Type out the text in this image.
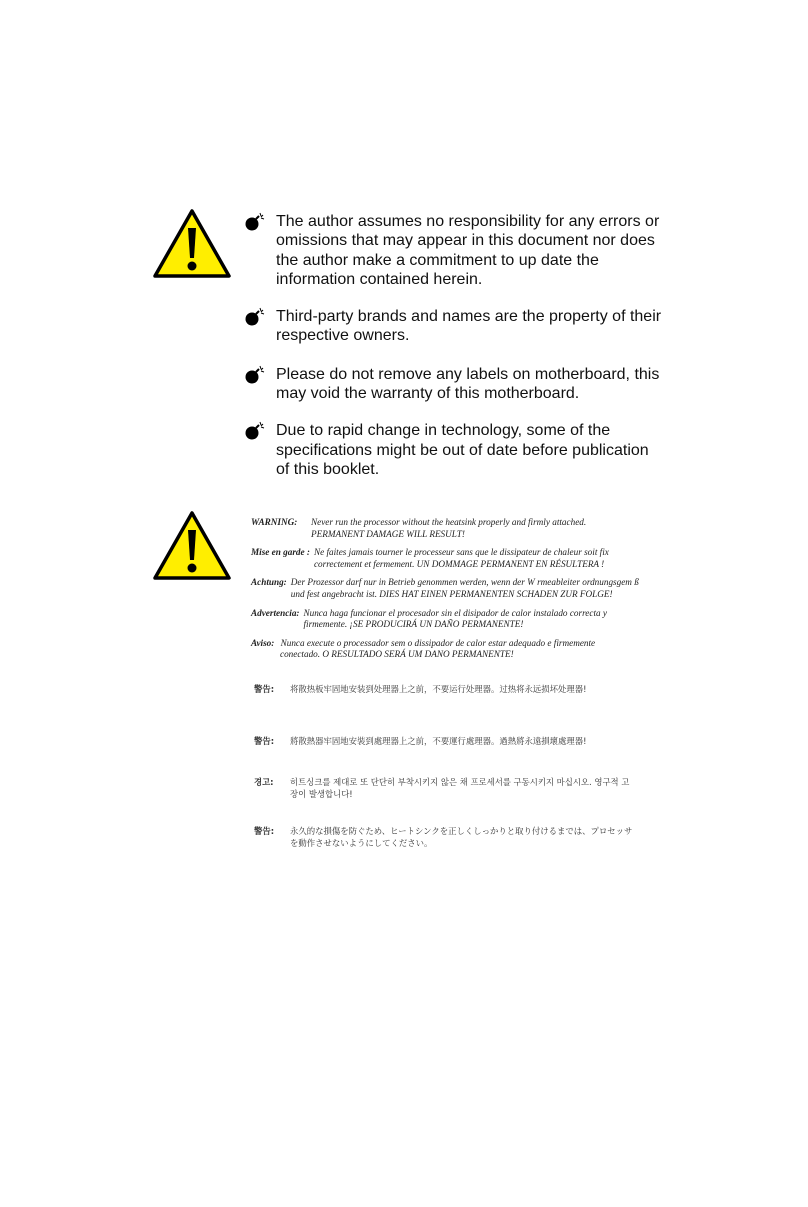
The author assumes no responsibility for any errors or omissions that may appear in this document nor does the author make a commitment to up date the information contained herein.
Third-party brands and names are the property of their respective owners.
Please do not remove any labels on motherboard, this may void the warranty of this motherboard.
Due to rapid change in technology, some of the specifications might be out of date before publication of this booklet.
WARNING:	Never run the processor without the heatsink properly and firmly attached. PERMANENT DAMAGE WILL RESULT!
Mise en garde : Ne faites jamais tourner le processeur sans que le dissipateur de chaleur soit fix correctement et fermement. UN DOMMAGE PERMANENT EN RÉSULTERA !
Achtung: Der Prozessor darf nur in Betrieb genommen werden, wenn der W rmeableiter ordnungsgem ß und fest angebracht ist. DIES HAT EINEN PERMANENTEN SCHADEN ZUR FOLGE!
Advertencia: Nunca haga funcionar el procesador sin el disipador de calor instalado correcta y firmemente. ¡SE PRODUCIRÁ UN DAÑO PERMANENTE!
Aviso: Nunca execute o processador sem o dissipador de calor estar adequado e firmemente
conectado. O RESULTADO SERÁ UM DANO PERMANENTE!
警告:	将散热板牢固地安装到处理器上之前，不要运行处理器。过热将永远损坏处理器!
警告:	將散熱器牢固地安裝到處理器上之前，不要運行處理器。過熱將永遠損壞處理器!
경고:	히트싱크를 제대로 또 단단히 부착시키지 않은 채 프로세서를 구동시키지 마십시오. 영구적 고장이 발생합니다!
警告:	永久的な損傷を防ぐため、ヒートシンクを正しくしっかりと取り付けるまでは、プロセッサを動作させないようにしてください。
